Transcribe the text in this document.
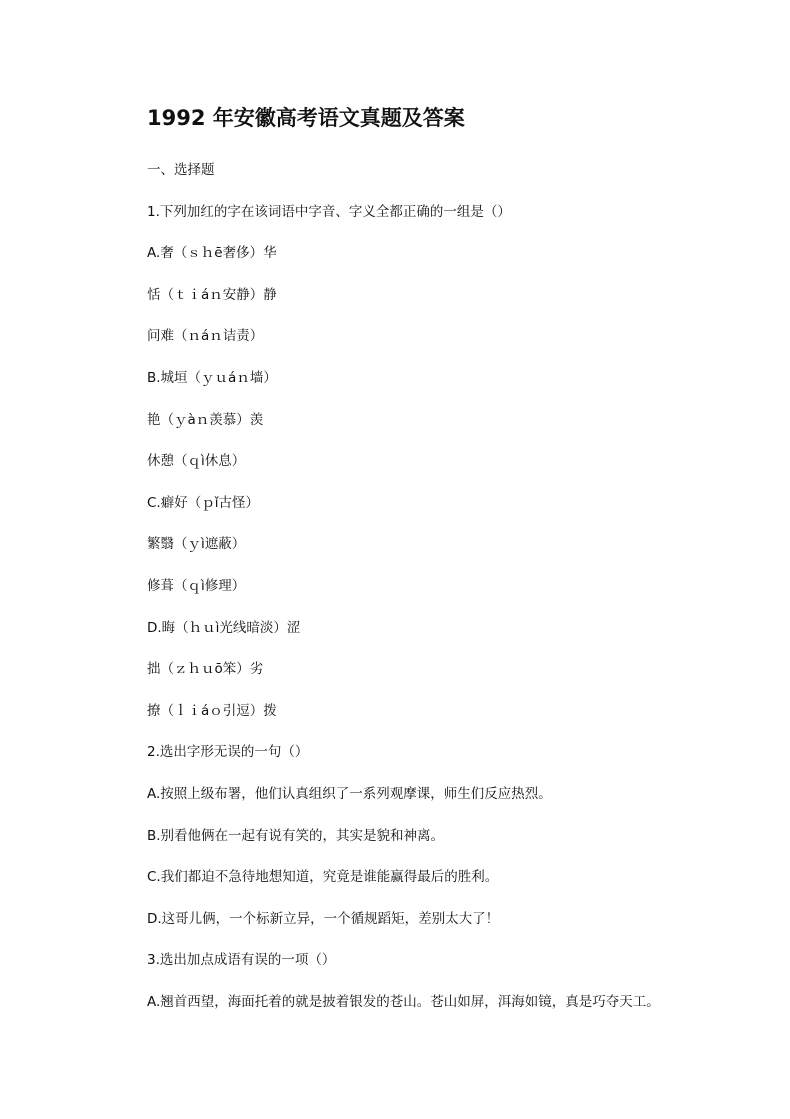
1992 年安徽高考语文真题及答案
一、选择题
1.下列加红的字在该词语中字音、字义全都正确的一组是（）
A.奢（ｓｈē奢侈）华
恬（ｔｉáｎ安静）静
问难（ｎáｎ诘责）
B.城垣（ｙｕáｎ墙）
艳（ｙàｎ羡慕）羡
休憩（ｑì休息）
C.癖好（ｐǐ古怪）
繁翳（ｙì遮蔽）
修葺（ｑì修理）
D.晦（ｈｕì光线暗淡）涩
拙（ｚｈｕō笨）劣
撩（ｌｉáｏ引逗）拨
2.选出字形无误的一句（）
A.按照上级布署，他们认真组织了一系列观摩课，师生们反应热烈。
B.别看他俩在一起有说有笑的，其实是貌和神离。
C.我们都迫不急待地想知道，究竟是谁能赢得最后的胜利。
D.这哥儿俩，一个标新立异，一个循规蹈矩，差别太大了！
3.选出加点成语有误的一项（）
A.翘首西望，海面托着的就是披着银发的苍山。苍山如屏，洱海如镜，真是巧夺天工。
